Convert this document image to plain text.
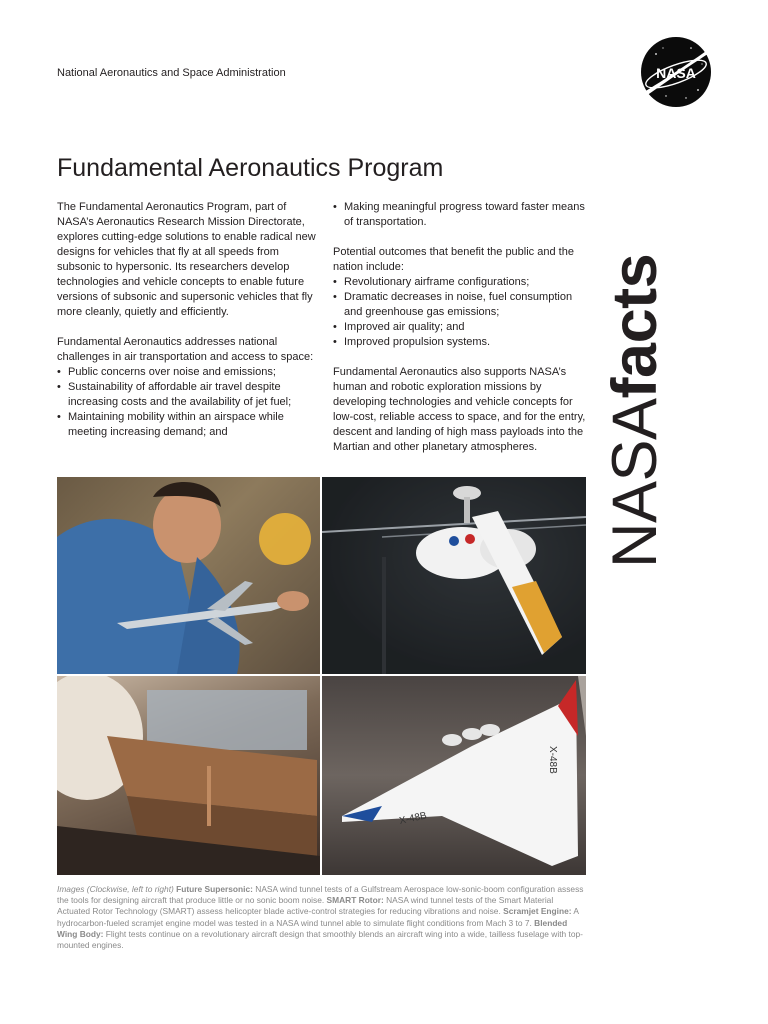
National Aeronautics and Space Administration	NASA
NASAfacts
Fundamental Aeronautics Program

The Fundamental Aeronautics Program, part of NASA’s Aeronautics Research Mission Directorate, explores cutting-edge solutions to enable radical new designs for vehicles that fly at all speeds from subsonic to hypersonic. Its researchers develop technologies and vehicle concepts to enable future versions of subsonic and supersonic vehicles that fly more cleanly, quietly and efficiently.

Fundamental Aeronautics addresses national challenges in air transportation and access to space:

• Public concerns over noise and emissions;
• Sustainability of affordable air travel despite increasing costs and the availability of jet fuel;
• Maintaining mobility within an airspace while meeting increasing demand; and
• Making meaningful progress toward faster means of transportation.

Potential outcomes that benefit the public and the nation include:

• Revolutionary airframe configurations;
• Dramatic decreases in noise, fuel consumption and greenhouse gas emissions;
• Improved air quality; and
• Improved propulsion systems.

Fundamental Aeronautics also supports NASA’s human and robotic exploration missions by developing technologies and vehicle concepts for low-cost, reliable access to space, and for the entry, descent and landing of high mass payloads into the Martian and other planetary atmospheres.

X-48B
X-48B
Images (Clockwise, left to right) Future Supersonic: NASA wind tunnel tests of a Gulfstream Aerospace low-sonic-boom configuration assess the tools for designing aircraft that produce little or no sonic boom noise. SMART Rotor: NASA wind tunnel tests of the Smart Material Actuated Rotor Technology (SMART) assess helicopter blade active-control strategies for reducing vibrations and noise. Scramjet Engine: A hydrocarbon-fueled scramjet engine model was tested in a NASA wind tunnel able to simulate flight conditions from Mach 3 to 7. Blended Wing Body: Flight tests continue on a revolutionary aircraft design that smoothly blends an aircraft wing into a wide, tailless fuselage with top-mounted engines.
